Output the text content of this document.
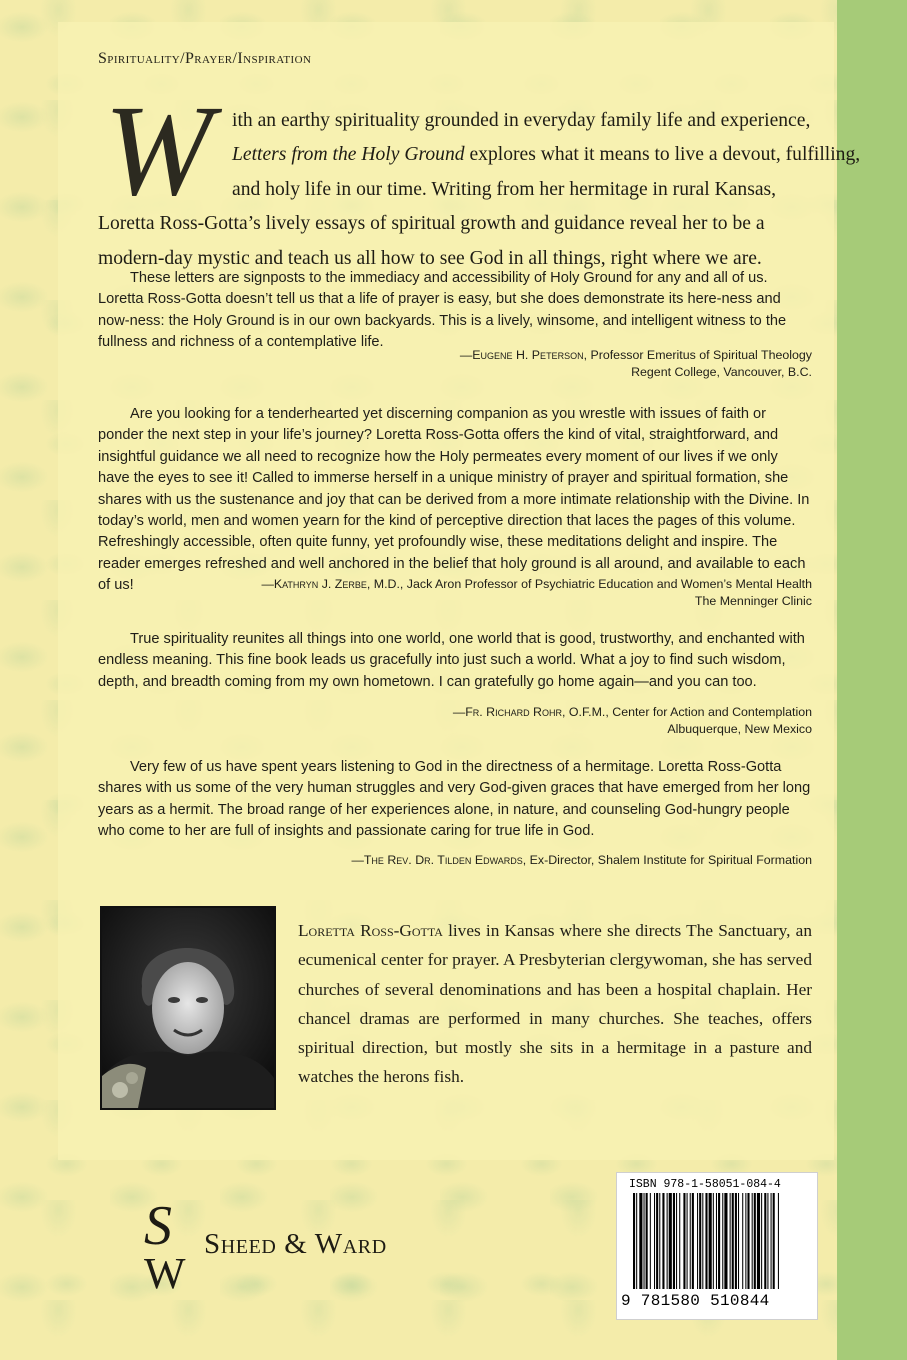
Spirituality/Prayer/Inspiration
W	ith an earthy spirituality grounded in everyday family life and experience,
Letters from the Holy Ground explores what it means to live a devout, fulfilling,
and holy life in our time. Writing from her hermitage in rural Kansas,
Loretta Ross-Gotta’s lively essays of spiritual growth and guidance reveal her to be a
modern-day mystic and teach us all how to see God in all things, right where we are.

These letters are signposts to the immediacy and accessibility of Holy Ground for any and all of us. Loretta Ross-Gotta doesn’t tell us that a life of prayer is easy, but she does demonstrate its here-ness and now-ness: the Holy Ground is in our own backyards. This is a lively, winsome, and intelligent witness to the fullness and richness of a contemplative life.

—Eugene H. Peterson, Professor Emeritus of Spiritual Theology
Regent College, Vancouver, B.C.

Are you looking for a tenderhearted yet discerning companion as you wrestle with issues of faith or ponder the next step in your life’s journey? Loretta Ross-Gotta offers the kind of vital, straightforward, and insightful guidance we all need to recognize how the Holy permeates every moment of our lives if we only have the eyes to see it! Called to immerse herself in a unique ministry of prayer and spiritual formation, she shares with us the sustenance and joy that can be derived from a more intimate relationship with the Divine. In today’s world, men and women yearn for the kind of perceptive direction that laces the pages of this volume. Refreshingly accessible, often quite funny, yet profoundly wise, these meditations delight and inspire. The reader emerges refreshed and well anchored in the belief that holy ground is all around, and available to each of us!	—Kathryn J. Zerbe, M.D., Jack Aron Professor of Psychiatric Education and Women’s Mental Health
The Menninger Clinic

True spirituality reunites all things into one world, one world that is good, trustworthy, and enchanted with endless meaning. This fine book leads us gracefully into just such a world. What a joy to find such wisdom, depth, and breadth coming from my own hometown. I can gratefully go home again—and you can too.

—Fr. Richard Rohr, O.F.M., Center for Action and Contemplation
Albuquerque, New Mexico

Very few of us have spent years listening to God in the directness of a hermitage. Loretta Ross-Gotta shares with us some of the very human struggles and very God-given graces that have emerged from her long years as a hermit. The broad range of her experiences alone, in nature, and counseling God-hungry people who come to her are full of insights and passionate caring for true life in God.

—The Rev. Dr. Tilden Edwards, Ex-Director, Shalem Institute for Spiritual Formation
Loretta Ross-Gotta lives in Kansas where she directs The Sanctuary, an ecumenical center for prayer. A Presbyterian clergywoman, she has served churches of several denominations and has been a hospital chaplain. Her chancel dramas are performed in many churches. She teaches, offers spiritual direction, but mostly she sits in a hermitage in a pasture and watches the herons fish.
S
W
Sheed & Ward
ISBN 978-1-58051-084-4
9 781580 510844
